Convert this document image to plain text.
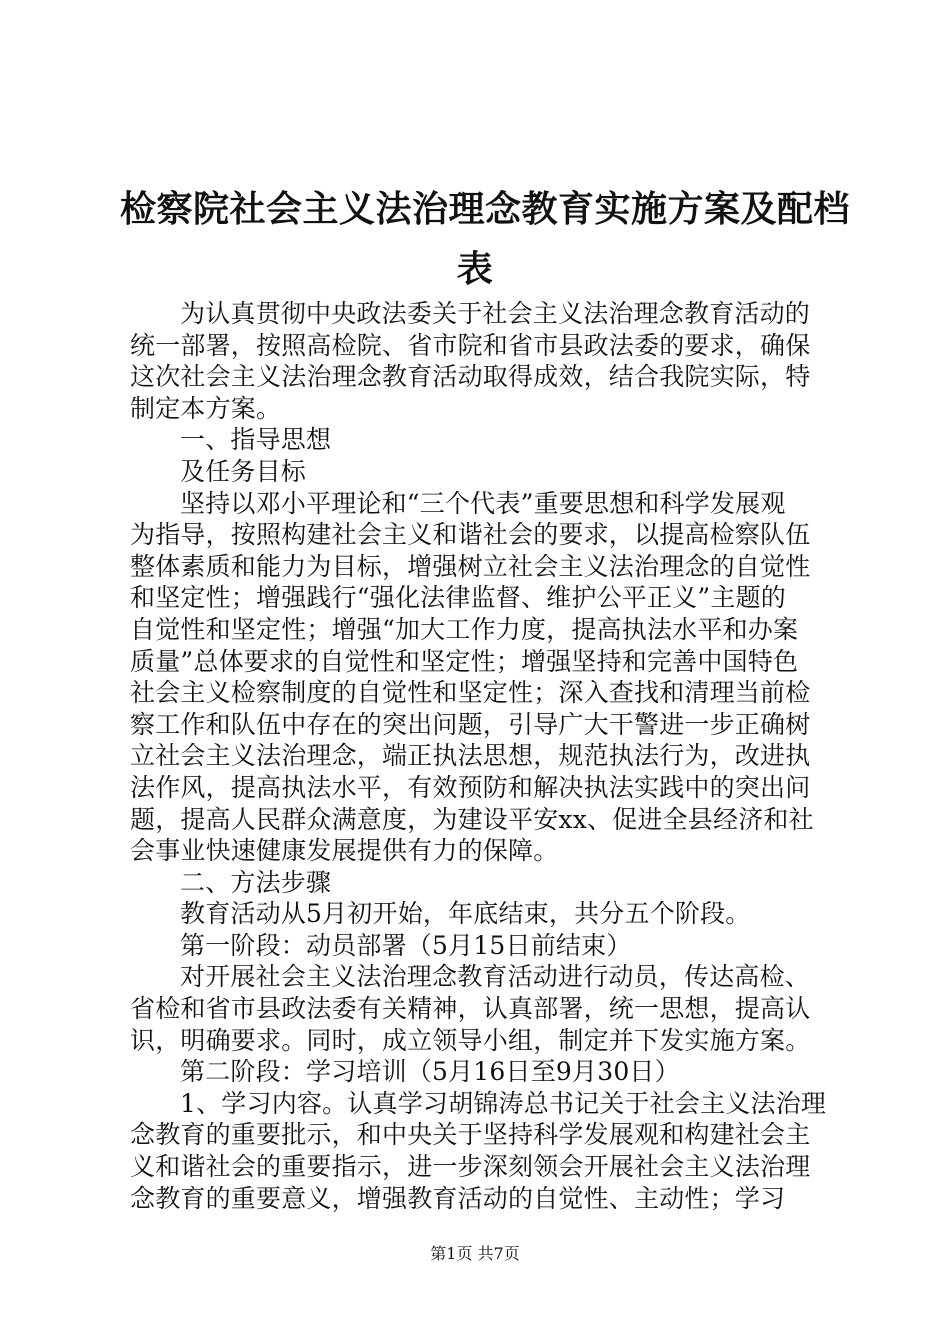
检察院社会主义法治理念教育实施方案及配档
表
为认真贯彻中央政法委关于社会主义法治理念教育活动的
统一部署，按照高检院、省市院和省市县政法委的要求，确保
这次社会主义法治理念教育活动取得成效，结合我院实际，特
制定本方案。
一、指导思想
及任务目标
坚持以邓小平理论和“三个代表”重要思想和科学发展观
为指导，按照构建社会主义和谐社会的要求，以提高检察队伍
整体素质和能力为目标，增强树立社会主义法治理念的自觉性
和坚定性；增强践行“强化法律监督、维护公平正义”主题的
自觉性和坚定性；增强“加大工作力度，提高执法水平和办案
质量”总体要求的自觉性和坚定性；增强坚持和完善中国特色
社会主义检察制度的自觉性和坚定性；深入查找和清理当前检
察工作和队伍中存在的突出问题，引导广大干警进一步正确树
立社会主义法治理念，端正执法思想，规范执法行为，改进执
法作风，提高执法水平，有效预防和解决执法实践中的突出问
题，提高人民群众满意度，为建设平安xx、促进全县经济和社
会事业快速健康发展提供有力的保障。
二、方法步骤
教育活动从5月初开始，年底结束，共分五个阶段。
第一阶段：动员部署（5月15日前结束）
对开展社会主义法治理念教育活动进行动员，传达高检、
省检和省市县政法委有关精神，认真部署，统一思想，提高认
识，明确要求。同时，成立领导小组，制定并下发实施方案。
第二阶段：学习培训（5月16日至9月30日）
1、学习内容。认真学习胡锦涛总书记关于社会主义法治理
念教育的重要批示，和中央关于坚持科学发展观和构建社会主
义和谐社会的重要指示，进一步深刻领会开展社会主义法治理
念教育的重要意义，增强教育活动的自觉性、主动性；学习
第1页 共7页
